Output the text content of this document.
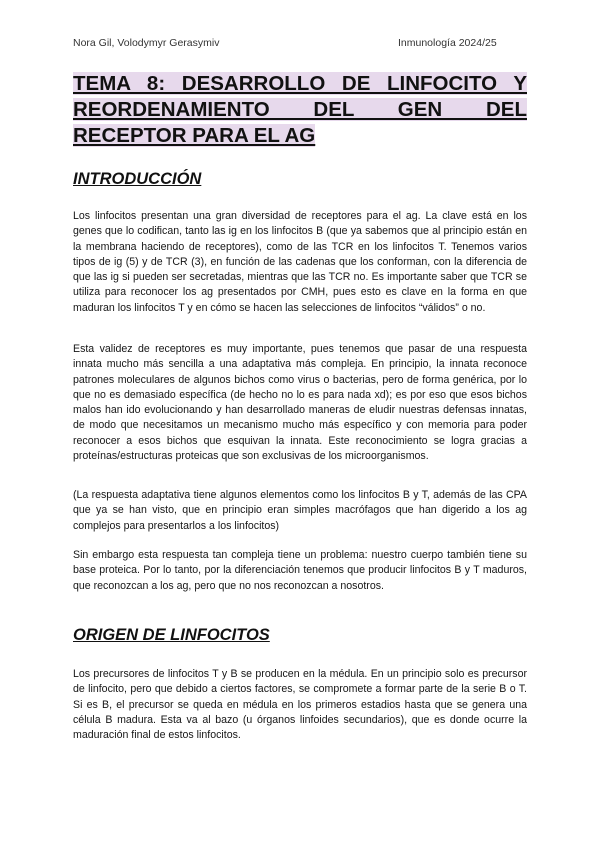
Nora Gil, Volodymyr Gerasymiv	Inmunología 2024/25
TEMA 8: DESARROLLO DE LINFOCITO Y REORDENAMIENTO DEL GEN DEL RECEPTOR PARA EL AG
INTRODUCCIÓN

Los linfocitos presentan una gran diversidad de receptores para el ag. La clave está en los genes que lo codifican, tanto las ig en los linfocitos B (que ya sabemos que al principio están en la membrana haciendo de receptores), como de las TCR en los linfocitos T. Tenemos varios tipos de ig (5) y de TCR (3), en función de las cadenas que los conforman, con la diferencia de que las ig si pueden ser secretadas, mientras que las TCR no. Es importante saber que TCR se utiliza para reconocer los ag presentados por CMH, pues esto es clave en la forma en que maduran los linfocitos T y en cómo se hacen las selecciones de linfocitos “válidos” o no.

Esta validez de receptores es muy importante, pues tenemos que pasar de una respuesta innata mucho más sencilla a una adaptativa más compleja. En principio, la innata reconoce patrones moleculares de algunos bichos como virus o bacterias, pero de forma genérica, por lo que no es demasiado específica (de hecho no lo es para nada xd); es por eso que esos bichos malos han ido evolucionando y han desarrollado maneras de eludir nuestras defensas innatas, de modo que necesitamos un mecanismo mucho más específico y con memoria para poder reconocer a esos bichos que esquivan la innata. Este reconocimiento se logra gracias a proteínas/estructuras proteicas que son exclusivas de los microorganismos.

(La respuesta adaptativa tiene algunos elementos como los linfocitos B y T, además de las CPA que ya se han visto, que en principio eran simples macrófagos que han digerido a los ag complejos para presentarlos a los linfocitos)

Sin embargo esta respuesta tan compleja tiene un problema: nuestro cuerpo también tiene su base proteica. Por lo tanto, por la diferenciación tenemos que producir linfocitos B y T maduros, que reconozcan a los ag, pero que no nos reconozcan a nosotros.

ORIGEN DE LINFOCITOS

Los precursores de linfocitos T y B se producen en la médula. En un principio solo es precursor de linfocito, pero que debido a ciertos factores, se compromete a formar parte de la serie B o T. Si es B, el precursor se queda en médula en los primeros estadios hasta que se genera una célula B madura. Esta va al bazo (u órganos linfoides secundarios), que es donde ocurre la maduración final de estos linfocitos.
